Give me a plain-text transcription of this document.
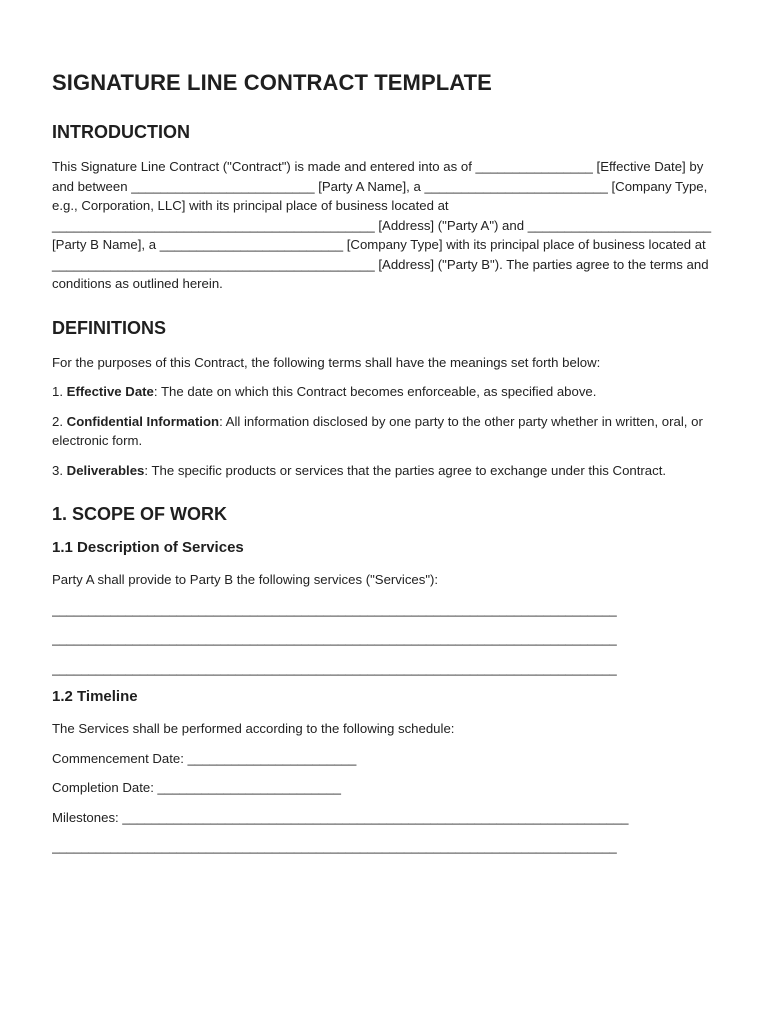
SIGNATURE LINE CONTRACT TEMPLATE
INTRODUCTION

This Signature Line Contract ("Contract") is made and entered into as of ________________ [Effective Date] by and between _________________________ [Party A Name], a _________________________ [Company Type, e.g., Corporation, LLC] with its principal place of business located at ____________________________________________ [Address] ("Party A") and _________________________ [Party B Name], a _________________________ [Company Type] with its principal place of business located at ____________________________________________ [Address] ("Party B"). The parties agree to the terms and conditions as outlined herein.

DEFINITIONS

For the purposes of this Contract, the following terms shall have the meanings set forth below:

1. Effective Date: The date on which this Contract becomes enforceable, as specified above.

2. Confidential Information: All information disclosed by one party to the other party whether in written, oral, or electronic form.

3. Deliverables: The specific products or services that the parties agree to exchange under this Contract.

1. SCOPE OF WORK
1.1 Description of Services

Party A shall provide to Party B the following services ("Services"):

_____________________________________________________________________________
_____________________________________________________________________________
_____________________________________________________________________________
1.2 Timeline

The Services shall be performed according to the following schedule:

Commencement Date: _______________________
Completion Date: _________________________
Milestones: _____________________________________________________________________
_____________________________________________________________________________
